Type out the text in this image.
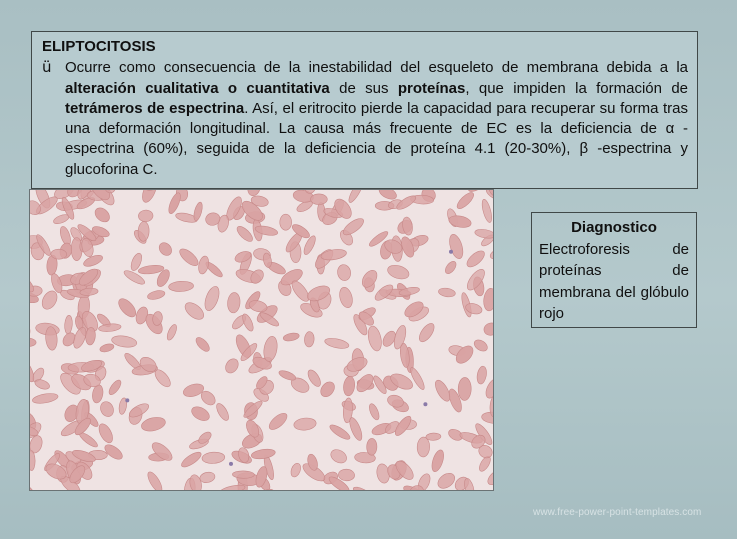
ELIPTOCITOSIS
ü Ocurre como consecuencia de la inestabilidad del esqueleto de membrana debida a la alteración cualitativa o cuantitativa de sus proteínas, que impiden la formación de tetrámeros de espectrina. Así, el eritrocito pierde la capacidad para recuperar su forma tras una deformación longitudinal. La causa más frecuente de EC es la deficiencia de α -espectrina (60%), seguida de la deficiencia de proteína 4.1 (20-30%), β -espectrina y glucoforina C.
Diagnostico
Electroforesis de proteínas de membrana del glóbulo rojo
www.free-power-point-templates.com
